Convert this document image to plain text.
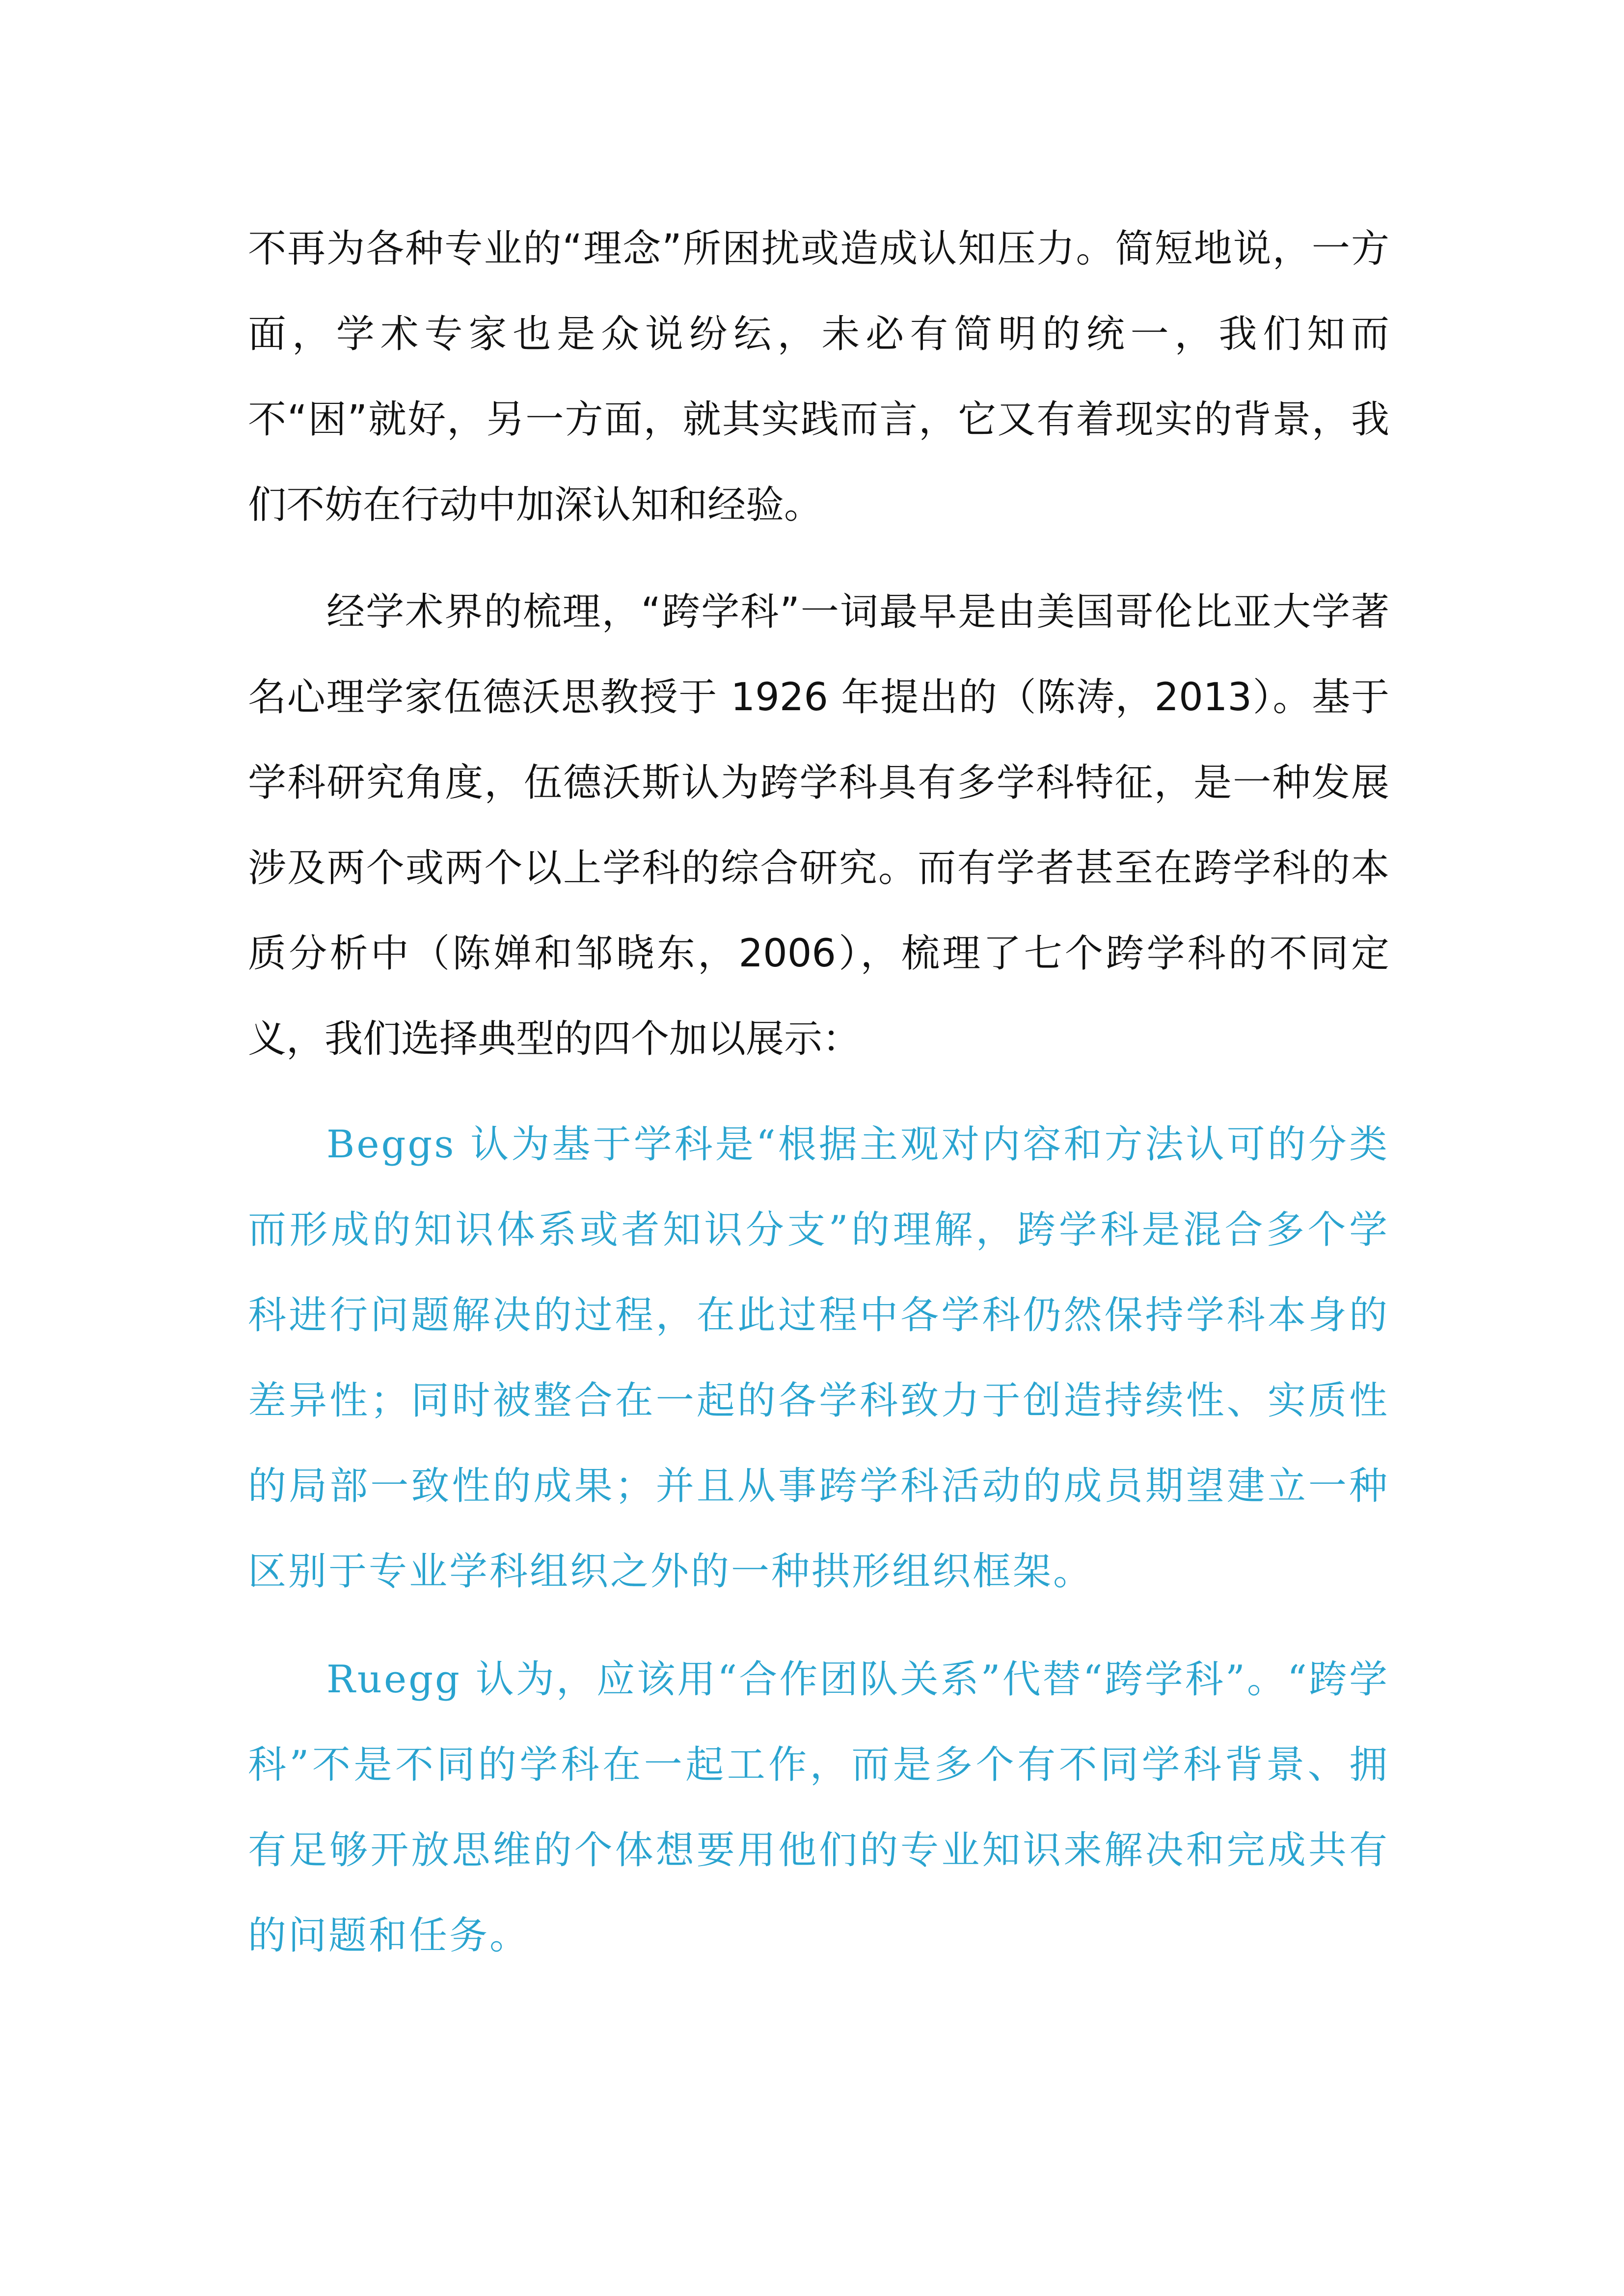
不再为各种专业的“理念”所困扰或造成认知压力。简短地说，一方面，学术专家也是众说纷纭，未必有简明的统一，我们知而不“困”就好，另一方面，就其实践而言，它又有着现实的背景，我们不妨在行动中加深认知和经验。

经学术界的梳理，“跨学科”一词最早是由美国哥伦比亚大学著名心理学家伍德沃思教授于 1926 年提出的（陈涛，2013）。基于学科研究角度，伍德沃斯认为跨学科具有多学科特征，是一种发展涉及两个或两个以上学科的综合研究。而有学者甚至在跨学科的本质分析中（陈婵和邹晓东，2006），梳理了七个跨学科的不同定义，我们选择典型的四个加以展示：

Beggs 认为基于学科是“根据主观对内容和方法认可的分类而形成的知识体系或者知识分支”的理解，跨学科是混合多个学科进行问题解决的过程，在此过程中各学科仍然保持学科本身的差异性；同时被整合在一起的各学科致力于创造持续性、实质性的局部一致性的成果；并且从事跨学科活动的成员期望建立一种区别于专业学科组织之外的一种拱形组织框架。

Ruegg 认为，应该用“合作团队关系”代替“跨学科”。“跨学科”不是不同的学科在一起工作，而是多个有不同学科背景、拥有足够开放思维的个体想要用他们的专业知识来解决和完成共有的问题和任务。
